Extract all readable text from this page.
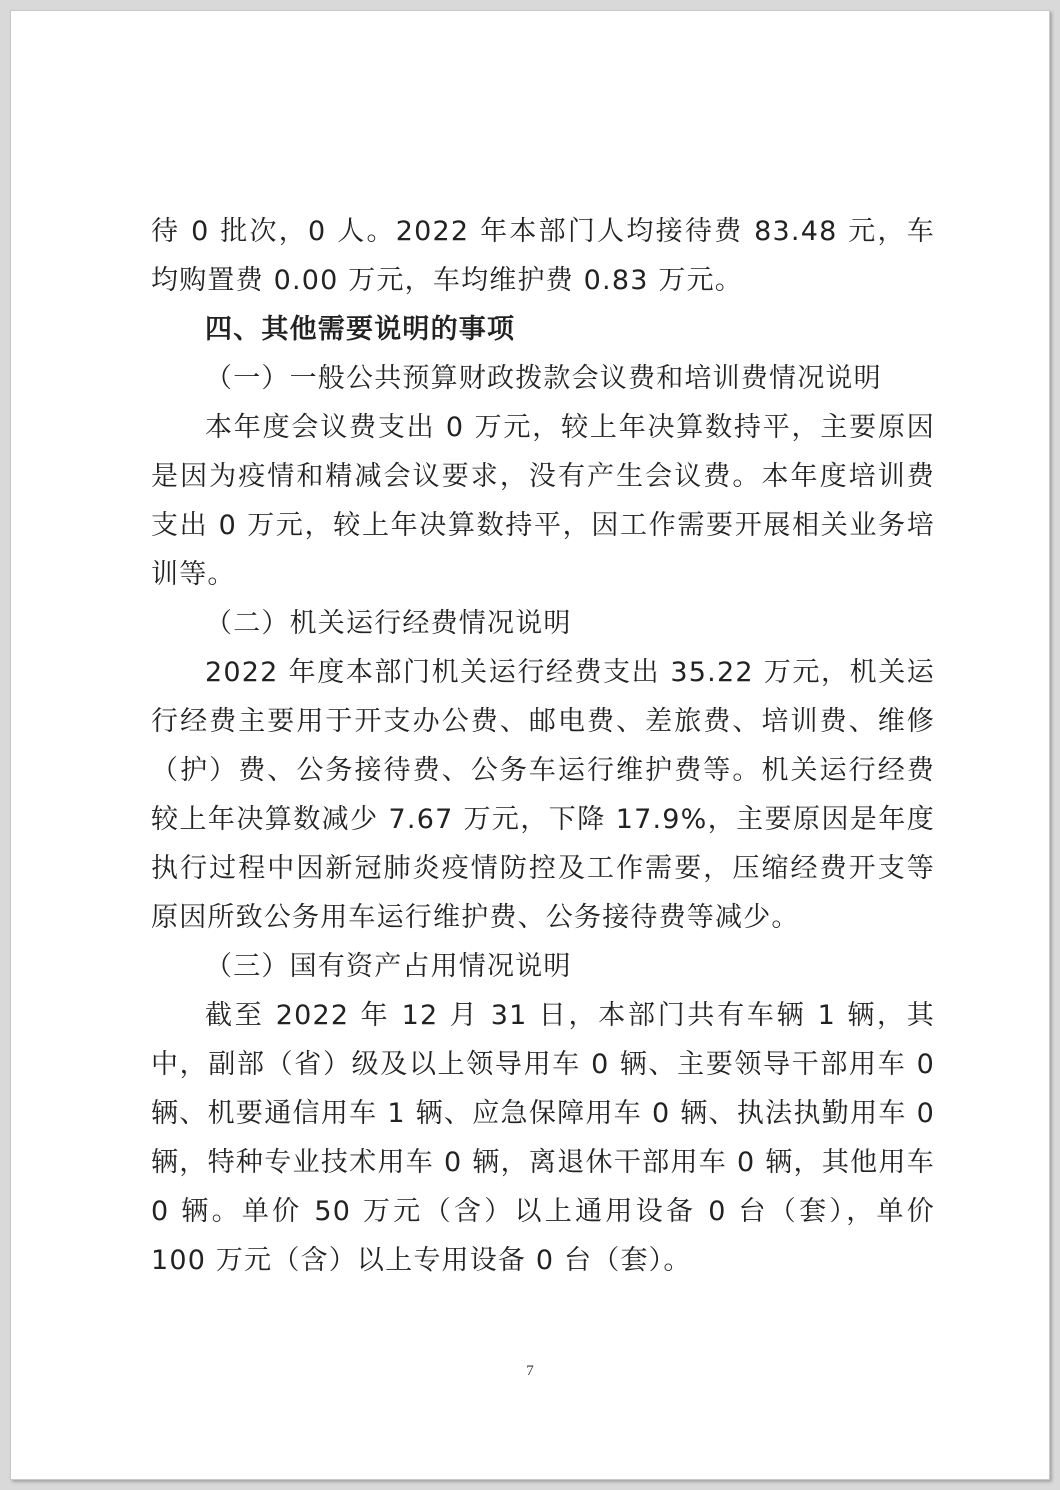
待 0 批次，0 人。2022 年本部门人均接待费 83.48 元，车均购置费 0.00 万元，车均维护费 0.83 万元。

四、其他需要说明的事项

（一）一般公共预算财政拨款会议费和培训费情况说明

本年度会议费支出 0 万元，较上年决算数持平，主要原因是因为疫情和精减会议要求，没有产生会议费。本年度培训费支出 0 万元，较上年决算数持平，因工作需要开展相关业务培训等。

（二）机关运行经费情况说明

2022 年度本部门机关运行经费支出 35.22 万元，机关运行经费主要用于开支办公费、邮电费、差旅费、培训费、维修（护）费、公务接待费、公务车运行维护费等。机关运行经费较上年决算数减少 7.67 万元，下降 17.9%，主要原因是年度执行过程中因新冠肺炎疫情防控及工作需要，压缩经费开支等原因所致公务用车运行维护费、公务接待费等减少。

（三）国有资产占用情况说明

截至 2022 年 12 月 31 日，本部门共有车辆 1 辆，其中，副部（省）级及以上领导用车 0 辆、主要领导干部用车 0 辆、机要通信用车 1 辆、应急保障用车 0 辆、执法执勤用车 0 辆，特种专业技术用车 0 辆，离退休干部用车 0 辆，其他用车 0 辆。单价 50 万元（含）以上通用设备 0 台（套），单价 100 万元（含）以上专用设备 0 台（套）。

7
